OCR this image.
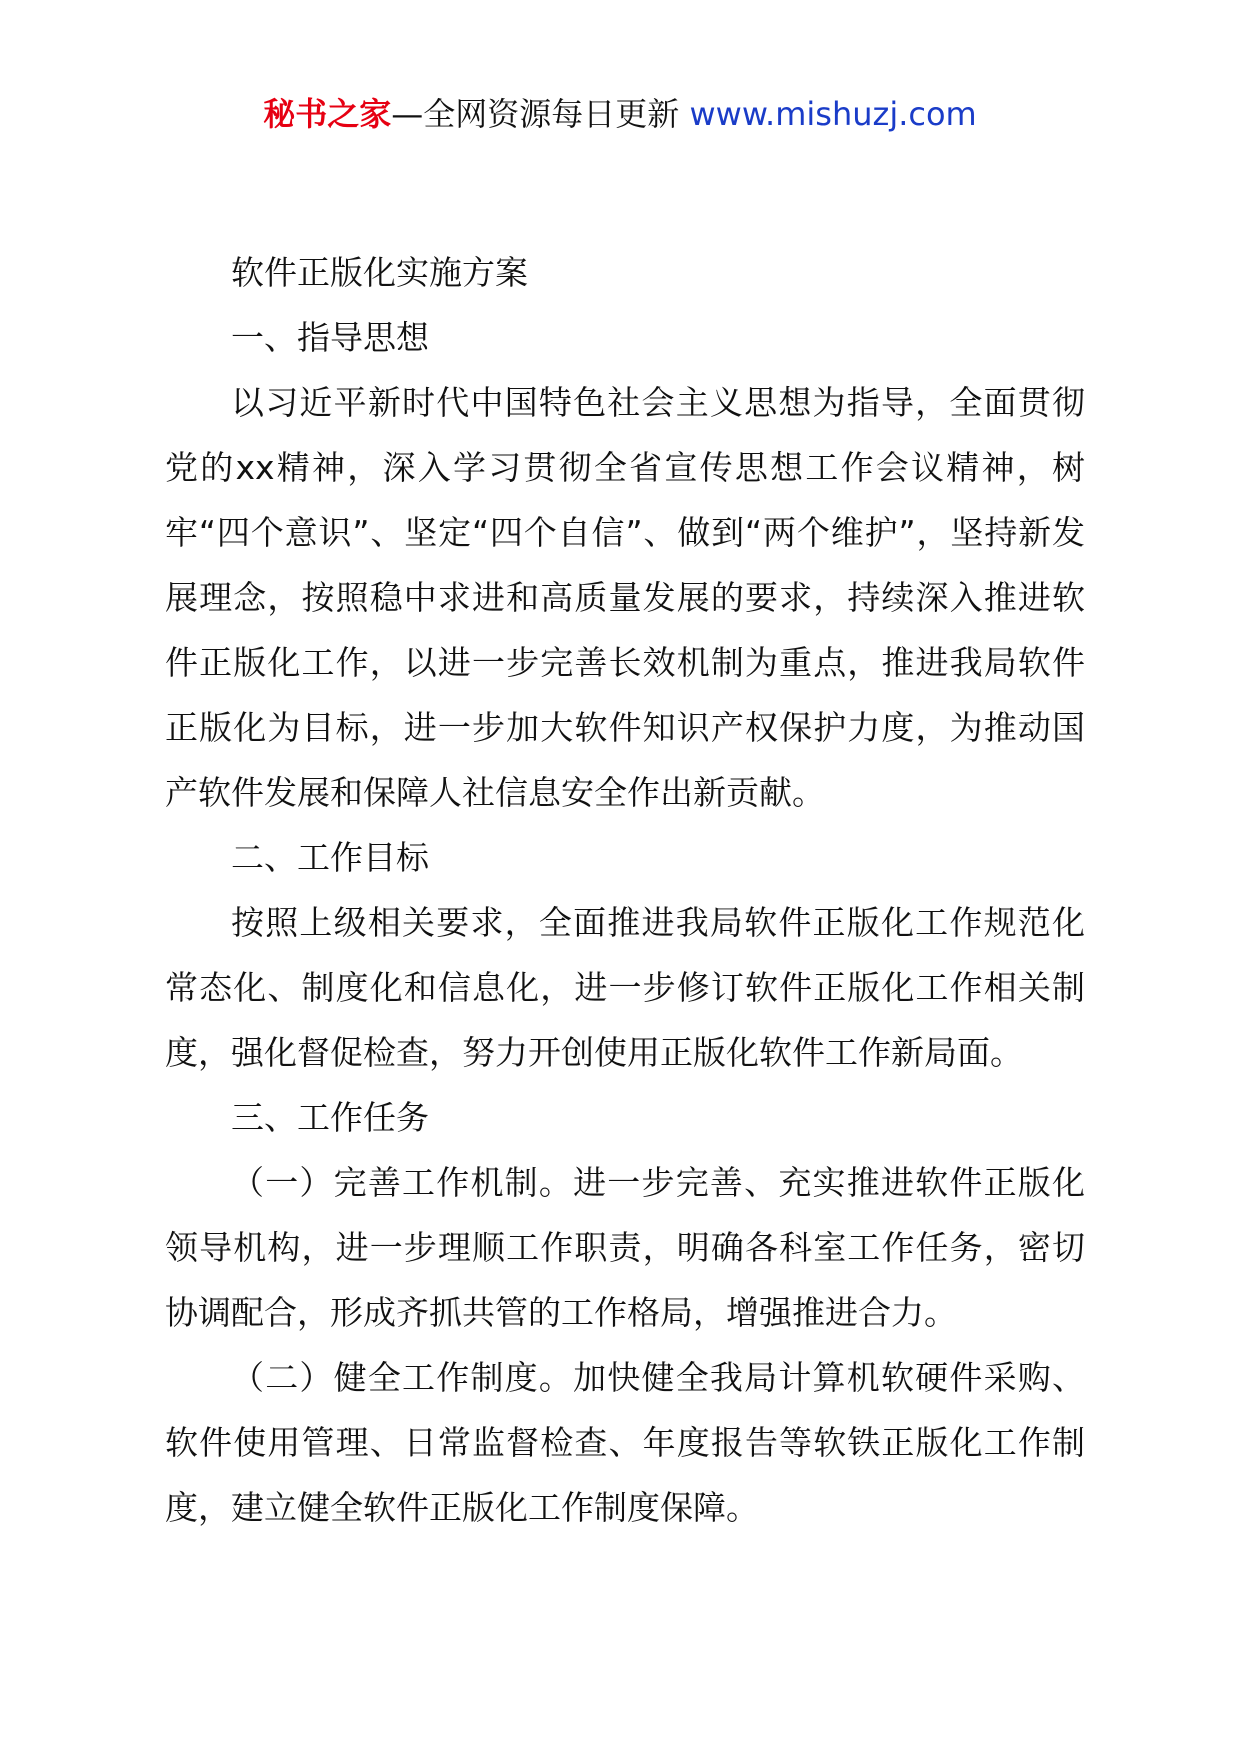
秘书之家—全网资源每日更新 www.mishuzj.com

软件正版化实施方案

一、指导思想

以习近平新时代中国特色社会主义思想为指导，全面贯彻党的xx精神，深入学习贯彻全省宣传思想工作会议精神，树牢“四个意识”、坚定“四个自信”、做到“两个维护”，坚持新发展理念，按照稳中求进和高质量发展的要求，持续深入推进软件正版化工作，以进一步完善长效机制为重点，推进我局软件正版化为目标，进一步加大软件知识产权保护力度，为推动国产软件发展和保障人社信息安全作出新贡献。

二、工作目标

按照上级相关要求，全面推进我局软件正版化工作规范化常态化、制度化和信息化，进一步修订软件正版化工作相关制度，强化督促检查，努力开创使用正版化软件工作新局面。

三、工作任务

（一）完善工作机制。进一步完善、充实推进软件正版化领导机构，进一步理顺工作职责，明确各科室工作任务，密切协调配合，形成齐抓共管的工作格局，增强推进合力。

（二）健全工作制度。加快健全我局计算机软硬件采购、软件使用管理、日常监督检查、年度报告等软铁正版化工作制度，建立健全软件正版化工作制度保障。
